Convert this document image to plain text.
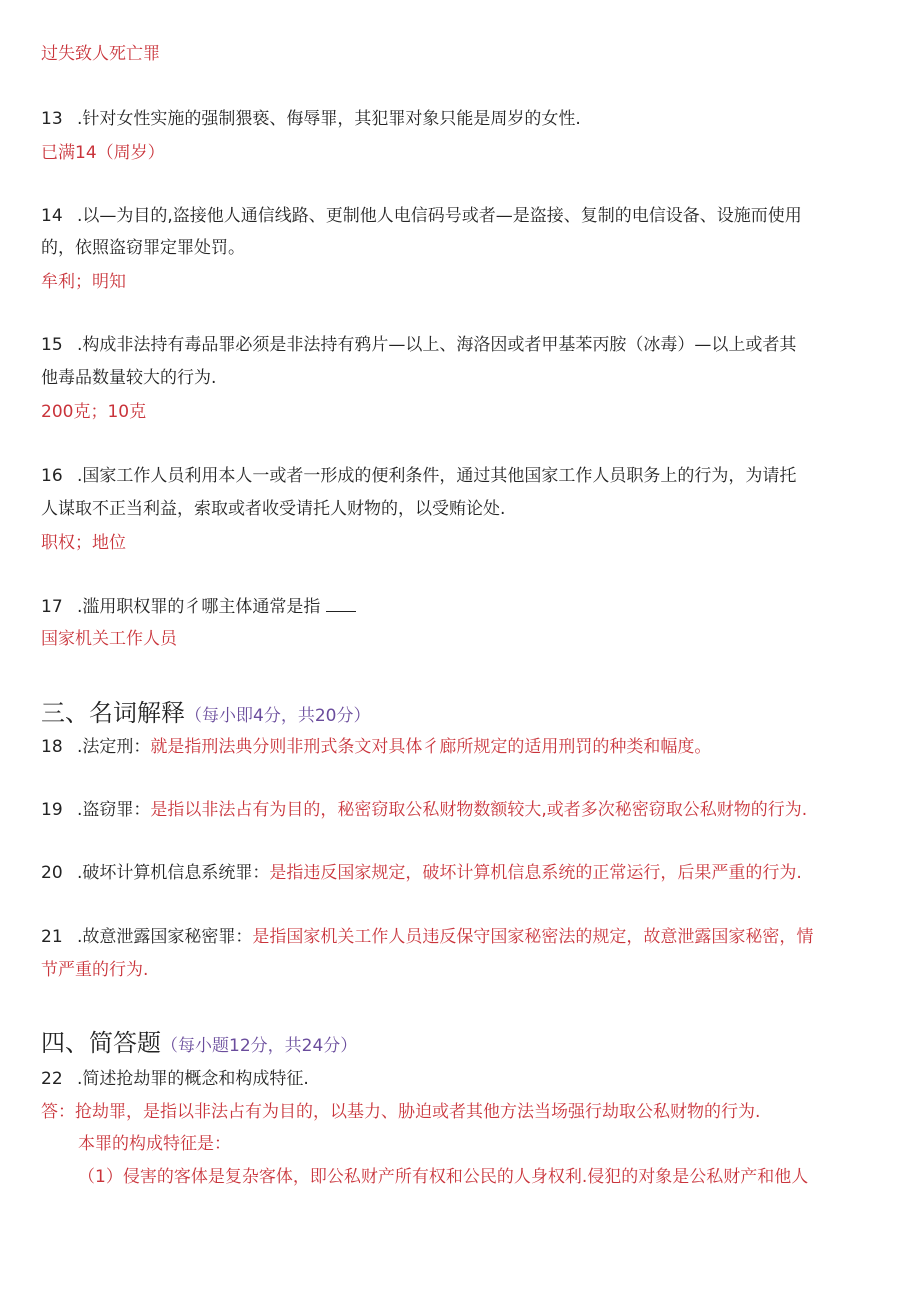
过失致人死亡罪
13 .针对女性实施的强制猥亵、侮辱罪，其犯罪对象只能是周岁的女性.
已满14（周岁）
14 .以—为目的,盗接他人通信线路、更制他人电信码号或者—是盗接、复制的电信设备、设施而使用
的，依照盗窃罪定罪处罚。
牟利；明知
15 .构成非法持有毒品罪必须是非法持有鸦片—以上、海洛因或者甲基苯丙胺（冰毒）—以上或者其
他毒品数量较大的行为.
200克；10克
16 .国家工作人员利用本人一或者一形成的便利条件，通过其他国家工作人员职务上的行为，为请托
人谋取不正当利益，索取或者收受请托人财物的，以受贿论处.
职权；地位
17 .滥用职权罪的彳哪主体通常是指
国家机关工作人员
三、名词解释（每小即4分，共20分）
18 .法定刑：就是指刑法典分则非刑式条文对具体彳廊所规定的适用刑罚的种类和幅度。
19 .盗窃罪：是指以非法占有为目的，秘密窃取公私财物数额较大,或者多次秘密窃取公私财物的行为.
20 .破坏计算机信息系统罪：是指违反国家规定，破坏计算机信息系统的正常运行，后果严重的行为.
21 .故意泄露国家秘密罪：是指国家机关工作人员违反保守国家秘密法的规定，故意泄露国家秘密，情
节严重的行为.
四、简答题（每小题12分，共24分）
22 .简述抢劫罪的概念和构成特征.
答：抢劫罪，是指以非法占有为目的，以基力、胁迫或者其他方法当场强行劫取公私财物的行为.
本罪的构成特征是：
（1）侵害的客体是复杂客体，即公私财产所有权和公民的人身权利.侵犯的对象是公私财产和他人
